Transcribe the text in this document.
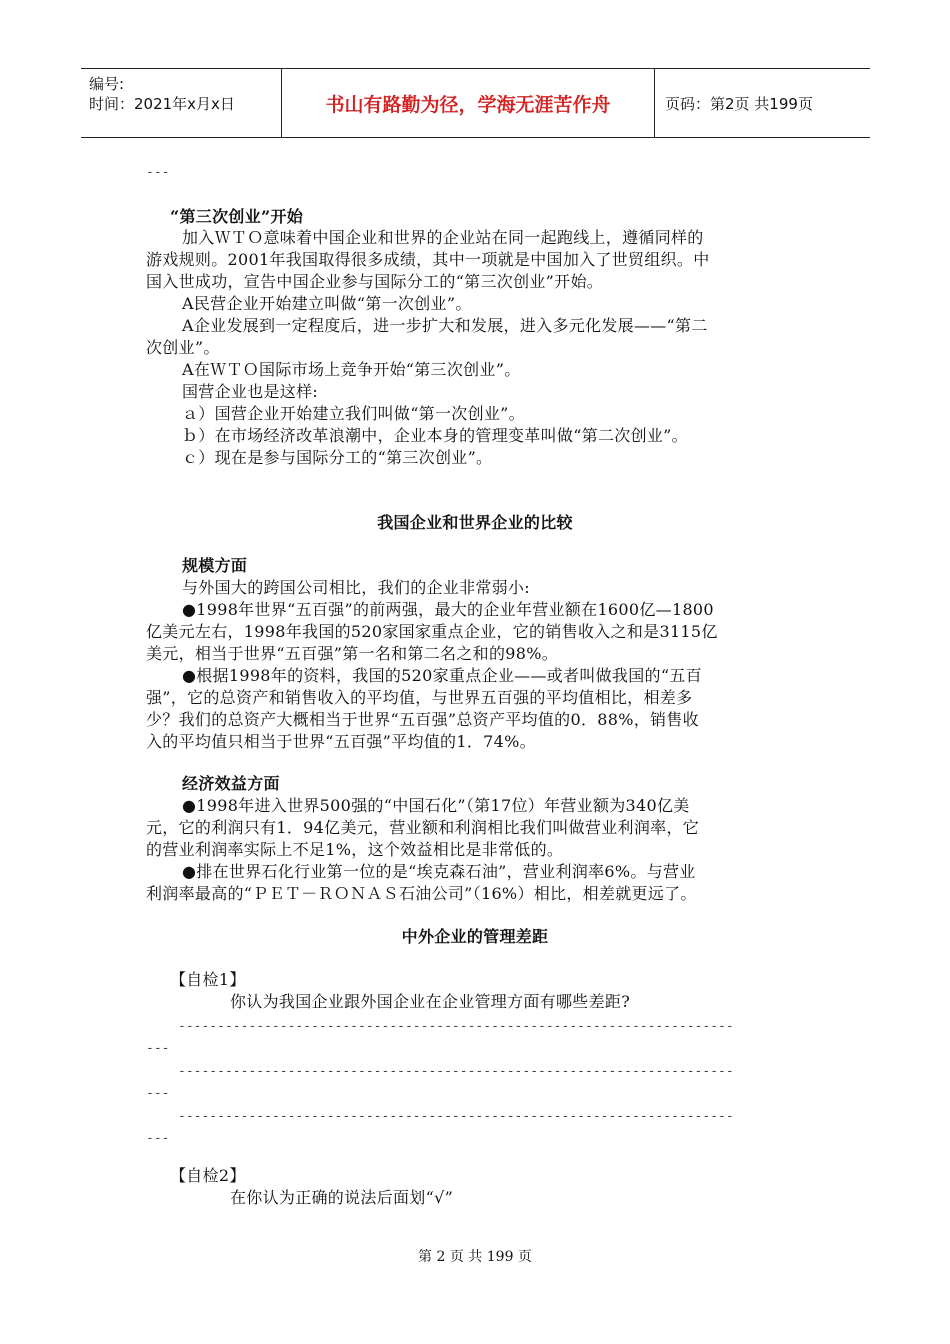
编号:
时间：2021年x月x日	书山有路勤为径，学海无涯苦作舟	页码：第2页 共199页
---
“第三次创业”开始
加入ＷＴＯ意味着中国企业和世界的企业站在同一起跑线上，遵循同样的
游戏规则。2001年我国取得很多成绩，其中一项就是中国加入了世贸组织。中
国入世成功，宣告中国企业参与国际分工的“第三次创业”开始。
A民营企业开始建立叫做“第一次创业”。
A企业发展到一定程度后，进一步扩大和发展，进入多元化发展——“第二
次创业”。
A在ＷＴＯ国际市场上竞争开始“第三次创业”。
国营企业也是这样:
ａ）国营企业开始建立我们叫做“第一次创业”。
ｂ）在市场经济改革浪潮中，企业本身的管理变革叫做“第二次创业”。
ｃ）现在是参与国际分工的“第三次创业”。
我国企业和世界企业的比较
规模方面
与外国大的跨国公司相比，我们的企业非常弱小:
●1998年世界“五百强”的前两强，最大的企业年营业额在1600亿—1800
亿美元左右，1998年我国的520家国家重点企业，它的销售收入之和是3115亿
美元，相当于世界“五百强”第一名和第二名之和的98%。
●根据1998年的资料，我国的520家重点企业——或者叫做我国的“五百
强”，它的总资产和销售收入的平均值，与世界五百强的平均值相比，相差多
少？我们的总资产大概相当于世界“五百强”总资产平均值的0．88%，销售收
入的平均值只相当于世界“五百强”平均值的1．74%。
经济效益方面
●1998年进入世界500强的“中国石化”（第17位）年营业额为340亿美
元，它的利润只有1．94亿美元，营业额和利润相比我们叫做营业利润率，它
的营业利润率实际上不足1%，这个效益相比是非常低的。
●排在世界石化行业第一位的是“埃克森石油”，营业利润率6%。与营业
利润率最高的“ＰＥＴ－ＲＯＮＡＳ石油公司”（16%）相比，相差就更远了。
中外企业的管理差距
【自检1】
你认为我国企业跟外国企业在企业管理方面有哪些差距?
-----------------------------------------------------------------------
---
-----------------------------------------------------------------------
---
-----------------------------------------------------------------------
---
【自检2】
在你认为正确的说法后面划“√”
第 2 页 共 199 页
